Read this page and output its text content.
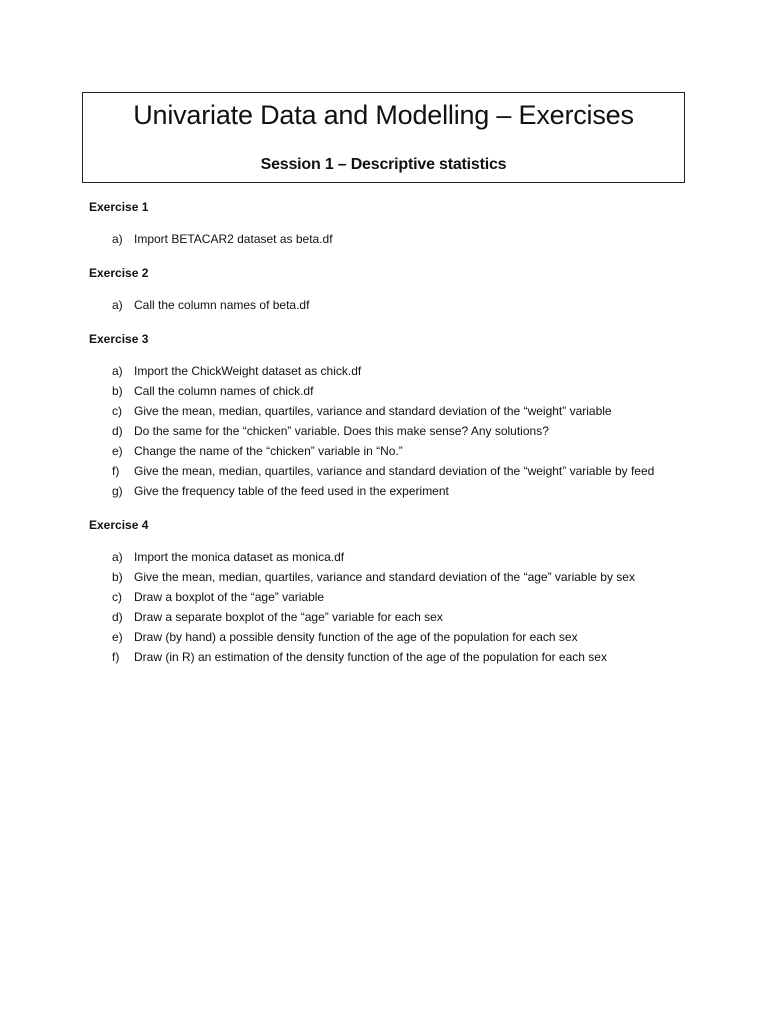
Univariate Data and Modelling – Exercises
Session 1 – Descriptive statistics
Exercise 1
a) Import BETACAR2 dataset as beta.df
Exercise 2
a) Call the column names of beta.df
Exercise 3
a) Import the ChickWeight dataset as chick.df
b) Call the column names of chick.df
c) Give the mean, median, quartiles, variance and standard deviation of the “weight” variable
d) Do the same for the “chicken” variable. Does this make sense? Any solutions?
e) Change the name of the “chicken” variable in “No.”
f) Give the mean, median, quartiles, variance and standard deviation of the “weight” variable by feed
g) Give the frequency table of the feed used in the experiment
Exercise 4
a) Import the monica dataset as monica.df
b) Give the mean, median, quartiles, variance and standard deviation of the “age” variable by sex
c) Draw a boxplot of the “age” variable
d) Draw a separate boxplot of the “age” variable for each sex
e) Draw (by hand) a possible density function of the age of the population for each sex
f) Draw (in R) an estimation of the density function of the age of the population for each sex
